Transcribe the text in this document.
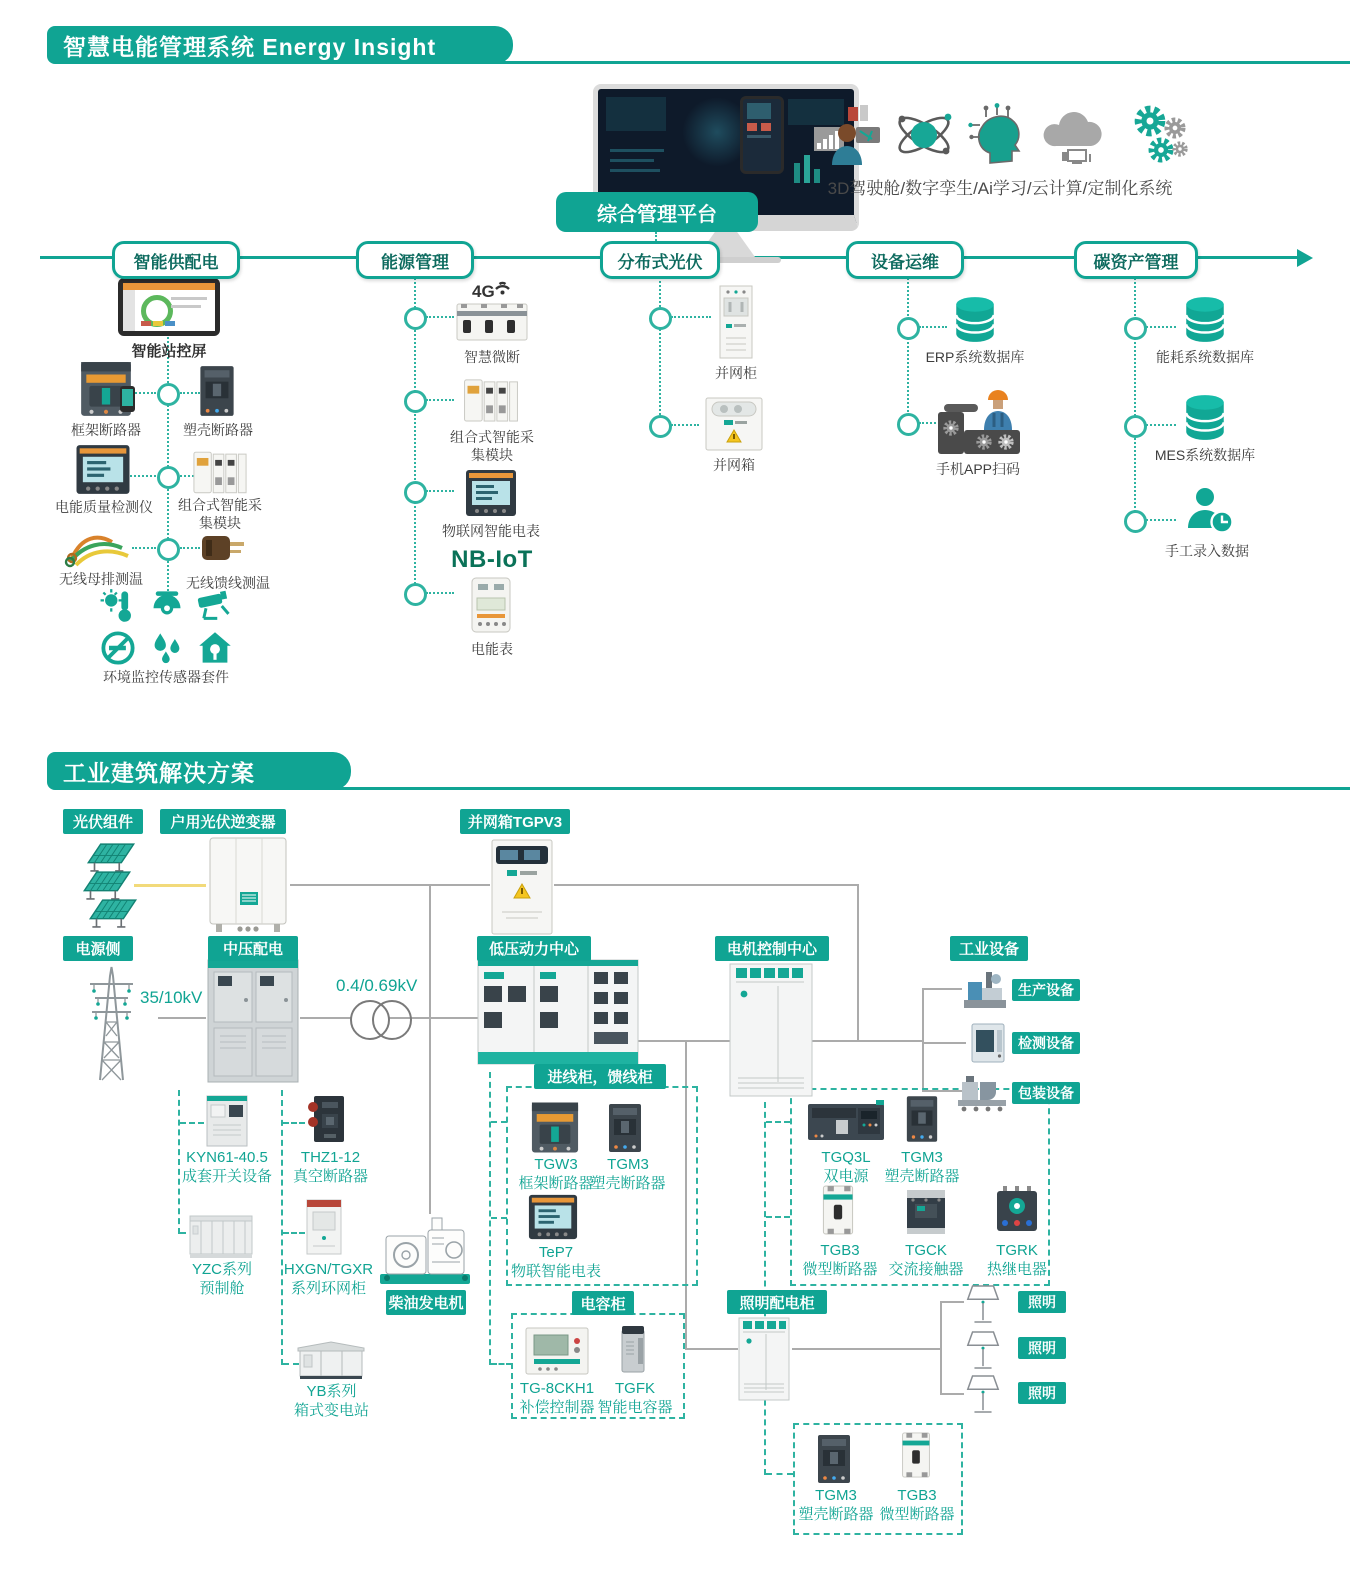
智慧电能管理系统 Energy Insight
综合管理平台
3D驾驶舱/数字孪生/Ai学习/云计算/定制化系统
智能供配电	能源管理	分布式光伏	设备运维	碳资产管理
智能站控屏
框架断路器	塑壳断路器
电能质量检测仪	组合式智能采集模块
无线母排测温	无线馈线测温
环境监控传感器套件
4G
智慧微断
组合式智能采集模块
物联网智能电表
NB-IoT
电能表
并网柜
并网箱
ERP系统数据库
手机APP扫码
能耗系统数据库
MES系统数据库
手工录入数据
工业建筑解决方案
光伏组件	户用光伏逆变器	并网箱TGPV3
电源侧	中压配电	低压动力中心	电机控制中心	工业设备
35/10kV
0.4/0.69kV	生产设备
检测设备
包装设备
照明
照明
照明
KYN61-40.5
成套开关设备
THZ1-12
真空断路器
YZC系列
预制舱
HXGN/TGXR
系列环网柜
YB系列
箱式变电站
柴油发电机
进线柜，馈线柜
TGW3
框架断路器
TGM3
塑壳断路器
TeP7
物联智能电表
电容柜
TG-8CKH1
补偿控制器
TGFK
智能电容器
TGQ3L
双电源
TGM3
塑壳断路器
TGB3
微型断路器
TGCK
交流接触器
TGRK
热继电器
照明配电柜
TGM3
塑壳断路器
TGB3
微型断路器
